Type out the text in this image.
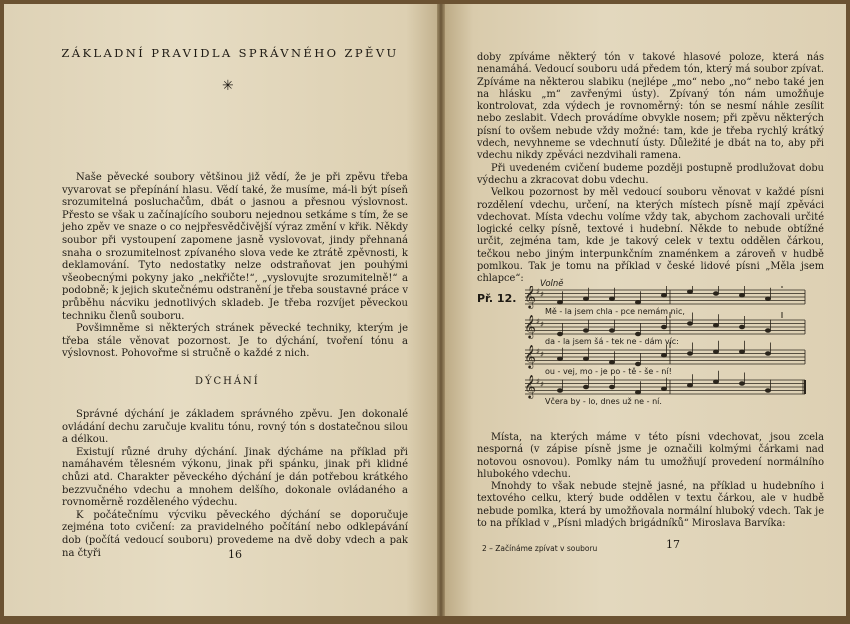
ZÁKLADNÍ PRAVIDLA SPRÁVNÉHO ZPĚVU
✳

Naše pěvecké soubory většinou již vědí, že je při zpěvu třeba vyvarovat se přepínání hlasu. Vědí také, že musíme, má-li být píseň srozumitelná posluchačům, dbát o jasnou a přesnou výslovnost. Přesto se však u začínajícího souboru nejednou setkáme s tím, že se jeho zpěv ve snaze o co nejpřesvědčivější výraz změní v křik. Někdy soubor při vystoupení zapomene jasně vyslovovat, jindy přehnaná snaha o srozumitelnost zpívaného slova vede ke ztrátě zpěvnosti, k deklamování. Tyto nedostatky nelze odstraňovat jen pouhými všeobecnými pokyny jako „nekřičte!“, „vyslovujte srozumitelně!“ a podobně; k jejich skutečnému odstranění je třeba soustavné práce v průběhu nácviku jednotlivých skladeb. Je třeba rozvíjet pěveckou techniku členů souboru.

Povšimněme si některých stránek pěvecké techniky, kterým je třeba stále věnovat pozornost. Je to dýchání, tvoření tónu a výslovnost. Pohovořme si stručně o každé z nich.

DÝCHÁNÍ

Správné dýchání je základem správného zpěvu. Jen dokonalé ovládání dechu zaručuje kvalitu tónu, rovný tón s dostatečnou silou a délkou.

Existují různé druhy dýchání. Jinak dýcháme na příklad při namáhavém tělesném výkonu, jinak při spánku, jinak při klidné chůzi atd. Charakter pěveckého dýchání je dán potřebou krátkého bezzvučného vdechu a mnohem delšího, dokonale ovládaného a rovnoměrně rozděleného výdechu.

K počátečnímu výcviku pěveckého dýchání se doporučuje zejména toto cvičení: za pravidelného počítání nebo odklepávání dob (počítá vedoucí souboru) provedeme na dvě doby vdech a pak na čtyři	16

doby zpíváme některý tón v takové hlasové poloze, která nás nenamáhá. Vedoucí souboru udá předem tón, který má soubor zpívat. Zpíváme na některou slabiku (nejlépe „mo“ nebo „no“ nebo také jen na hlásku „m“ zavřenými ústy). Zpívaný tón nám umožňuje kontrolovat, zda výdech je rovnoměrný: tón se nesmí náhle zesílit nebo zeslabit. Vdech provádíme obvykle nosem; při zpěvu některých písní to ovšem nebude vždy možné: tam, kde je třeba rychlý krátký vdech, nevyhneme se vdechnutí ústy. Důležité je dbát na to, aby při vdechu nikdy zpěváci nezdvihali ramena.

Při uvedeném cvičení budeme později postupně prodlužovat dobu výdechu a zkracovat dobu vdechu.

Velkou pozornost by měl vedoucí souboru věnovat v každé písni rozdělení vdechu, určení, na kterých místech písně mají zpěváci vdechovat. Místa vdechu volíme vždy tak, abychom zachovali určité logické celky písně, textové i hudební. Někde to nebude obtížné určit, zejména tam, kde je takový celek v textu oddělen čárkou, tečkou nebo jiným interpunkčním znaménkem a zároveň v hudbě pomlkou. Tak je tomu na příklad v české lidové písni „Měla jsem chlapce“:

Př. 12.
Volně
𝄞
𝄞
𝄞
𝄞
♯ ♯
♯ ♯
♯ ♯
♯ ♯
Mě - la jsem chla - pce nemám nic,
da - la jsem šá - tek ne - dám víc:
ou - vej, mo - je po - tě - še - ní!
Včera by - lo, dnes už ne - ní.

Místa, na kterých máme v této písni vdechovat, jsou zcela nesporná (v zápise písně jsme je označili kolmými čárkami nad notovou osnovou). Pomlky nám tu umožňují provedení normálního hlubokého vdechu.

Mnohdy to však nebude stejně jasné, na příklad u hudebního i textového celku, který bude oddělen v textu čárkou, ale v hudbě nebude pomlka, která by umožňovala normální hluboký vdech. Tak je to na příklad v „Písni mladých brigádníků“ Miroslava Barvíka:

2 – Začínáme zpívat v souboru	17
